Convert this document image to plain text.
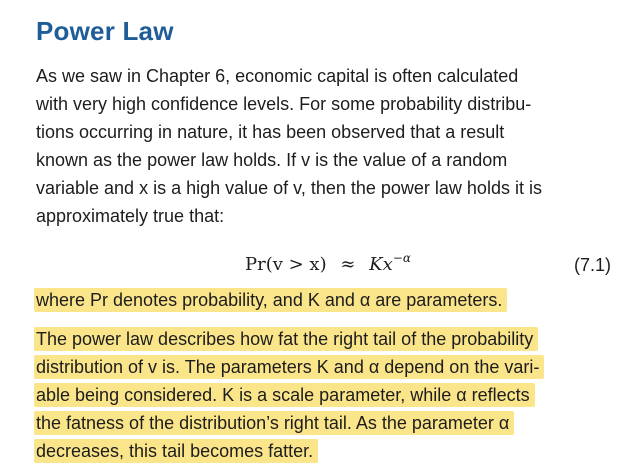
Power Law
As we saw in Chapter 6, economic capital is often calculated
with very high confidence levels. For some probability distribu-
tions occurring in nature, it has been observed that a result
known as the power law holds. If v is the value of a random
variable and x is a high value of v, then the power law holds it is
approximately true that:
$Pr(v > x) \approx Kx^{-\alpha}$	(7.1)
where Pr denotes probability, and K and α are parameters.
The power law describes how fat the right tail of the probability
distribution of v is. The parameters K and α depend on the vari-
able being considered. K is a scale parameter, while α reflects
the fatness of the distribution’s right tail. As the parameter α
decreases, this tail becomes fatter.
